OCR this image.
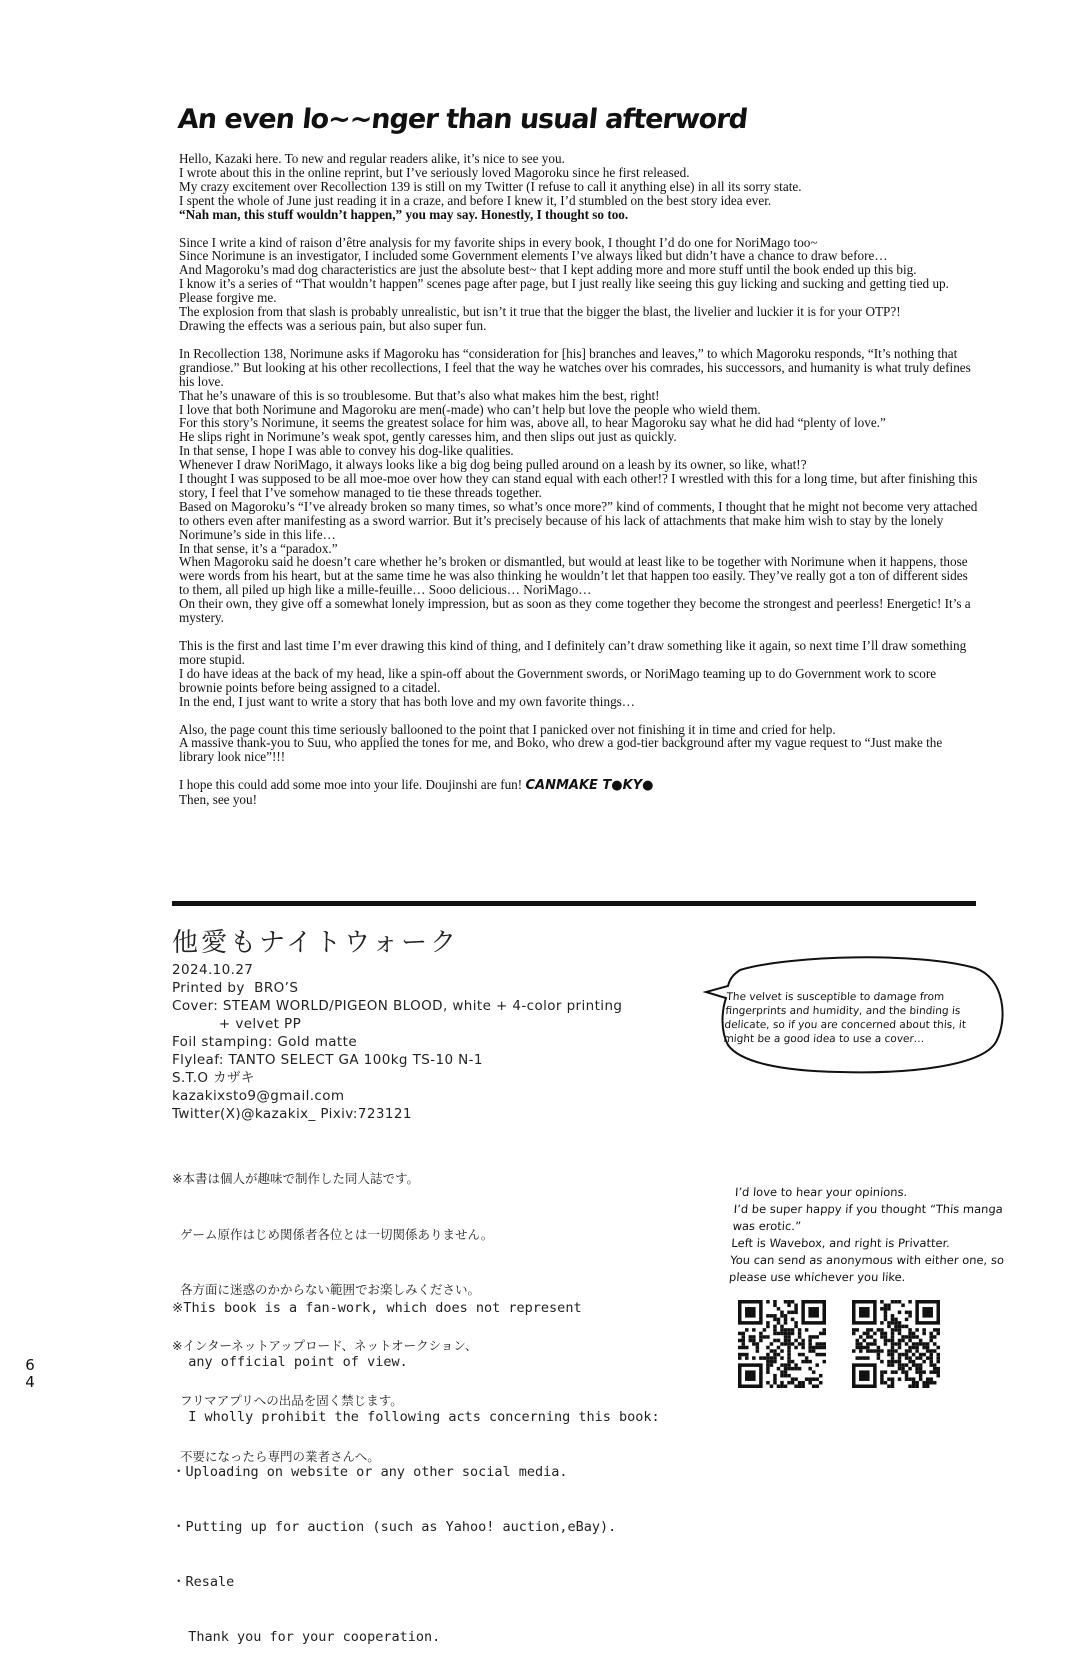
An even lo~~nger than usual afterword

Hello, Kazaki here. To new and regular readers alike, it’s nice to see you.

I wrote about this in the online reprint, but I’ve seriously loved Magoroku since he first released.

My crazy excitement over Recollection 139 is still on my Twitter (I refuse to call it anything else) in all its sorry state.

I spent the whole of June just reading it in a craze, and before I knew it, I’d stumbled on the best story idea ever.

“Nah man, this stuff wouldn’t happen,” you may say. Honestly, I thought so too.

Since I write a kind of raison d’être analysis for my favorite ships in every book, I thought I’d do one for NoriMago too~

Since Norimune is an investigator, I included some Government elements I’ve always liked but didn’t have a chance to draw before…

And Magoroku’s mad dog characteristics are just the absolute best~ that I kept adding more and more stuff until the book ended up this big.

I know it’s a series of “That wouldn’t happen” scenes page after page, but I just really like seeing this guy licking and sucking and getting tied up. Please forgive me.

The explosion from that slash is probably unrealistic, but isn’t it true that the bigger the blast, the livelier and luckier it is for your OTP?!

Drawing the effects was a serious pain, but also super fun.

In Recollection 138, Norimune asks if Magoroku has “consideration for [his] branches and leaves,” to which Magoroku responds, “It’s nothing that grandiose.” But looking at his other recollections, I feel that the way he watches over his comrades, his successors, and humanity is what truly defines his love.

That he’s unaware of this is so troublesome. But that’s also what makes him the best, right!

I love that both Norimune and Magoroku are men(-made) who can’t help but love the people who wield them.

For this story’s Norimune, it seems the greatest solace for him was, above all, to hear Magoroku say what he did had “plenty of love.”

He slips right in Norimune’s weak spot, gently caresses him, and then slips out just as quickly.

In that sense, I hope I was able to convey his dog-like qualities.

Whenever I draw NoriMago, it always looks like a big dog being pulled around on a leash by its owner, so like, what!?

I thought I was supposed to be all moe-moe over how they can stand equal with each other!? I wrestled with this for a long time, but after finishing this story, I feel that I’ve somehow managed to tie these threads together.

Based on Magoroku’s “I’ve already broken so many times, so what’s once more?” kind of comments, I thought that he might not become very attached to others even after manifesting as a sword warrior. But it’s precisely because of his lack of attachments that make him wish to stay by the lonely Norimune’s side in this life…

In that sense, it’s a “paradox.”

When Magoroku said he doesn’t care whether he’s broken or dismantled, but would at least like to be together with Norimune when it happens, those were words from his heart, but at the same time he was also thinking he wouldn’t let that happen too easily. They’ve really got a ton of different sides to them, all piled up high like a mille-feuille… Sooo delicious… NoriMago…

On their own, they give off a somewhat lonely impression, but as soon as they come together they become the strongest and peerless! Energetic! It’s a mystery.

This is the first and last time I’m ever drawing this kind of thing, and I definitely can’t draw something like it again, so next time I’ll draw something more stupid.

I do have ideas at the back of my head, like a spin-off about the Government swords, or NoriMago teaming up to do Government work to score brownie points before being assigned to a citadel.

In the end, I just want to write a story that has both love and my own favorite things…

Also, the page count this time seriously ballooned to the point that I panicked over not finishing it in time and cried for help.

A massive thank-you to Suu, who applied the tones for me, and Boko, who drew a god-tier background after my vague request to “Just make the library look nice”!!!

I hope this could add some moe into your life. Doujinshi are fun! CANMAKE T●KY●

Then, see you!

他愛もナイトウォーク
2024.10.27
Printed by  BRO’S
Cover: STEAM WORLD/PIGEON BLOOD, white + 4-color printing
+ velvet PP
Foil stamping: Gold matte
Flyleaf: TANTO SELECT GA 100kg TS-10 N-1
S.T.O カザキ
kazakixsto9@gmail.com
Twitter(X)@kazakix_ Pixiv:723121

※本書は個人が趣味で制作した同人誌です。

ゲーム原作はじめ関係者各位とは一切関係ありません。

各方面に迷惑のかからない範囲でお楽しみください。

※インターネットアップロード、ネットオークション、

フリマアプリへの出品を固く禁じます。

不要になったら専門の業者さんへ。

※This book is a fan-work, which does not represent

any official point of view.

I wholly prohibit the following acts concerning this book:

・Uploading on website or any other social media.

・Putting up for auction (such as Yahoo! auction,eBay).

・Resale

Thank you for your cooperation.

6
4
The velvet is susceptible to damage from fingerprints and humidity, and the binding is delicate, so if you are concerned about this, it might be a good idea to use a cover…
I’d love to hear your opinions.
I’d be super happy if you thought “This manga was erotic.”
Left is Wavebox, and right is Privatter.
You can send as anonymous with either one, so please use whichever you like.
